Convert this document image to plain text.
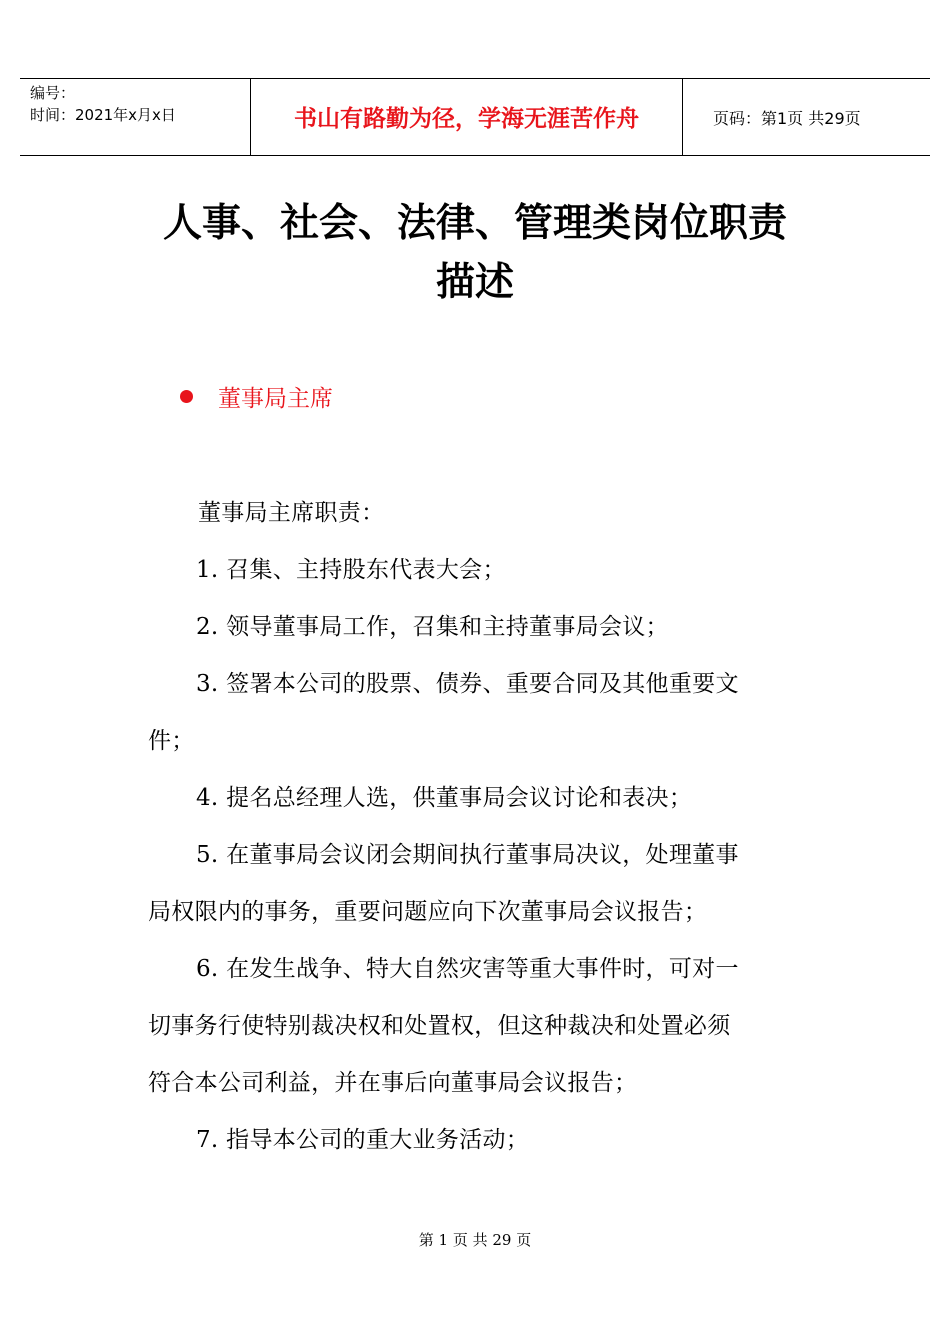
编号：
时间：2021年x月x日	书山有路勤为径，学海无涯苦作舟	页码：第1页 共29页
人事、社会、法律、管理类岗位职责
描述
董事局主席
董事局主席职责：
1. 召集、主持股东代表大会；
2. 领导董事局工作，召集和主持董事局会议；
3. 签署本公司的股票、债券、重要合同及其他重要文
件；
4. 提名总经理人选，供董事局会议讨论和表决；
5. 在董事局会议闭会期间执行董事局决议，处理董事
局权限内的事务，重要问题应向下次董事局会议报告；
6. 在发生战争、特大自然灾害等重大事件时，可对一
切事务行使特别裁决权和处置权，但这种裁决和处置必须
符合本公司利益，并在事后向董事局会议报告；
7. 指导本公司的重大业务活动；
第 1 页 共 29 页
